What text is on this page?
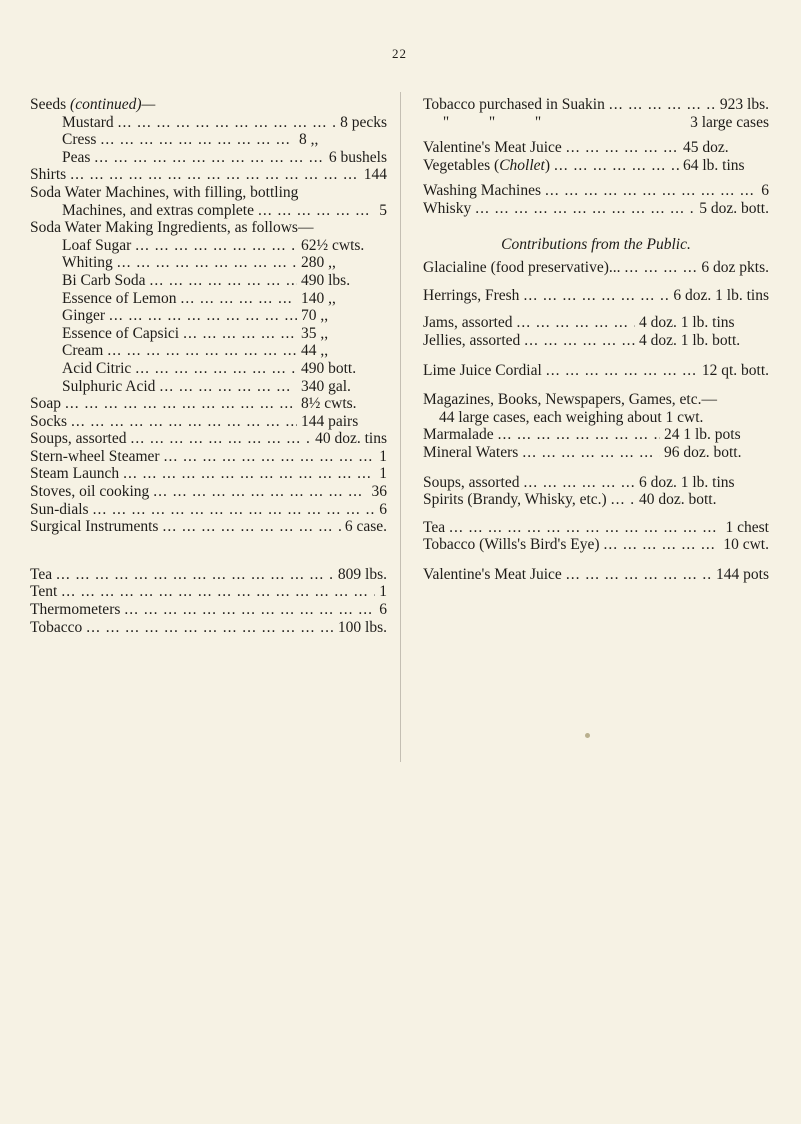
22
Seeds (continued)—
Mustard ... .	8 pecks
Cress ... .	8 ,,
Peas ... .	6 bushels
Shirts ... .	144
Soda Water Machines, with filling, bottling
Machines, and extras complete ... .	5
Soda Water Making Ingredients, as follows—
Loaf Sugar ... .	62½ cwts.
Whiting ... .	280 ,,
Bi Carb Soda ... .	490 lbs.
Essence of Lemon ... .	140 ,,
Ginger ... .	70 ,,
Essence of Capsici ... .	35 ,,
Cream ... .	44 ,,
Acid Citric ... .	490 bott.
Sulphuric Acid ... .	340 gal.
Soap ... .	8½ cwts.
Socks ... .	144 pairs
Soups, assorted ... .	40 doz. tins
Stern-wheel Steamer ... .	1
Steam Launch ... .	1
Stoves, oil cooking ... .	36
Sun-dials ... .	6
Surgical Instruments ... .	6 case.
Tea ... .	809 lbs.
Tent ... .	1
Thermometers ... .	6
Tobacco ... .	100 lbs.
Tobacco purchased in Suakin ... .	923 lbs.
"	"	"	3 large cases
Valentine's Meat Juice ... .	45 doz.
Vegetables (Chollet) ... .	64 lb. tins
Washing Machines ... .	6
Whisky ... .	5 doz. bott.
Contributions from the Public.
Glacialine (food preservative)... ... .	6 doz pkts.
Herrings, Fresh ... .	6 doz. 1 lb. tins
Jams, assorted ... .	4 doz. 1 lb. tins
Jellies, assorted ... .	4 doz. 1 lb. bott.
Lime Juice Cordial ... .	12 qt. bott.
Magazines, Books, Newspapers, Games, etc.—
44 large cases, each weighing about 1 cwt.
Marmalade ... .	24 1 lb. pots
Mineral Waters ... .	96 doz. bott.
Soups, assorted ... .	6 doz. 1 lb. tins
Spirits (Brandy, Whisky, etc.) ... . 40 doz. bott.
Tea ... .	1 chest
Tobacco (Wills's Bird's Eye) ... .	10 cwt.
Valentine's Meat Juice ... .	144 pots
